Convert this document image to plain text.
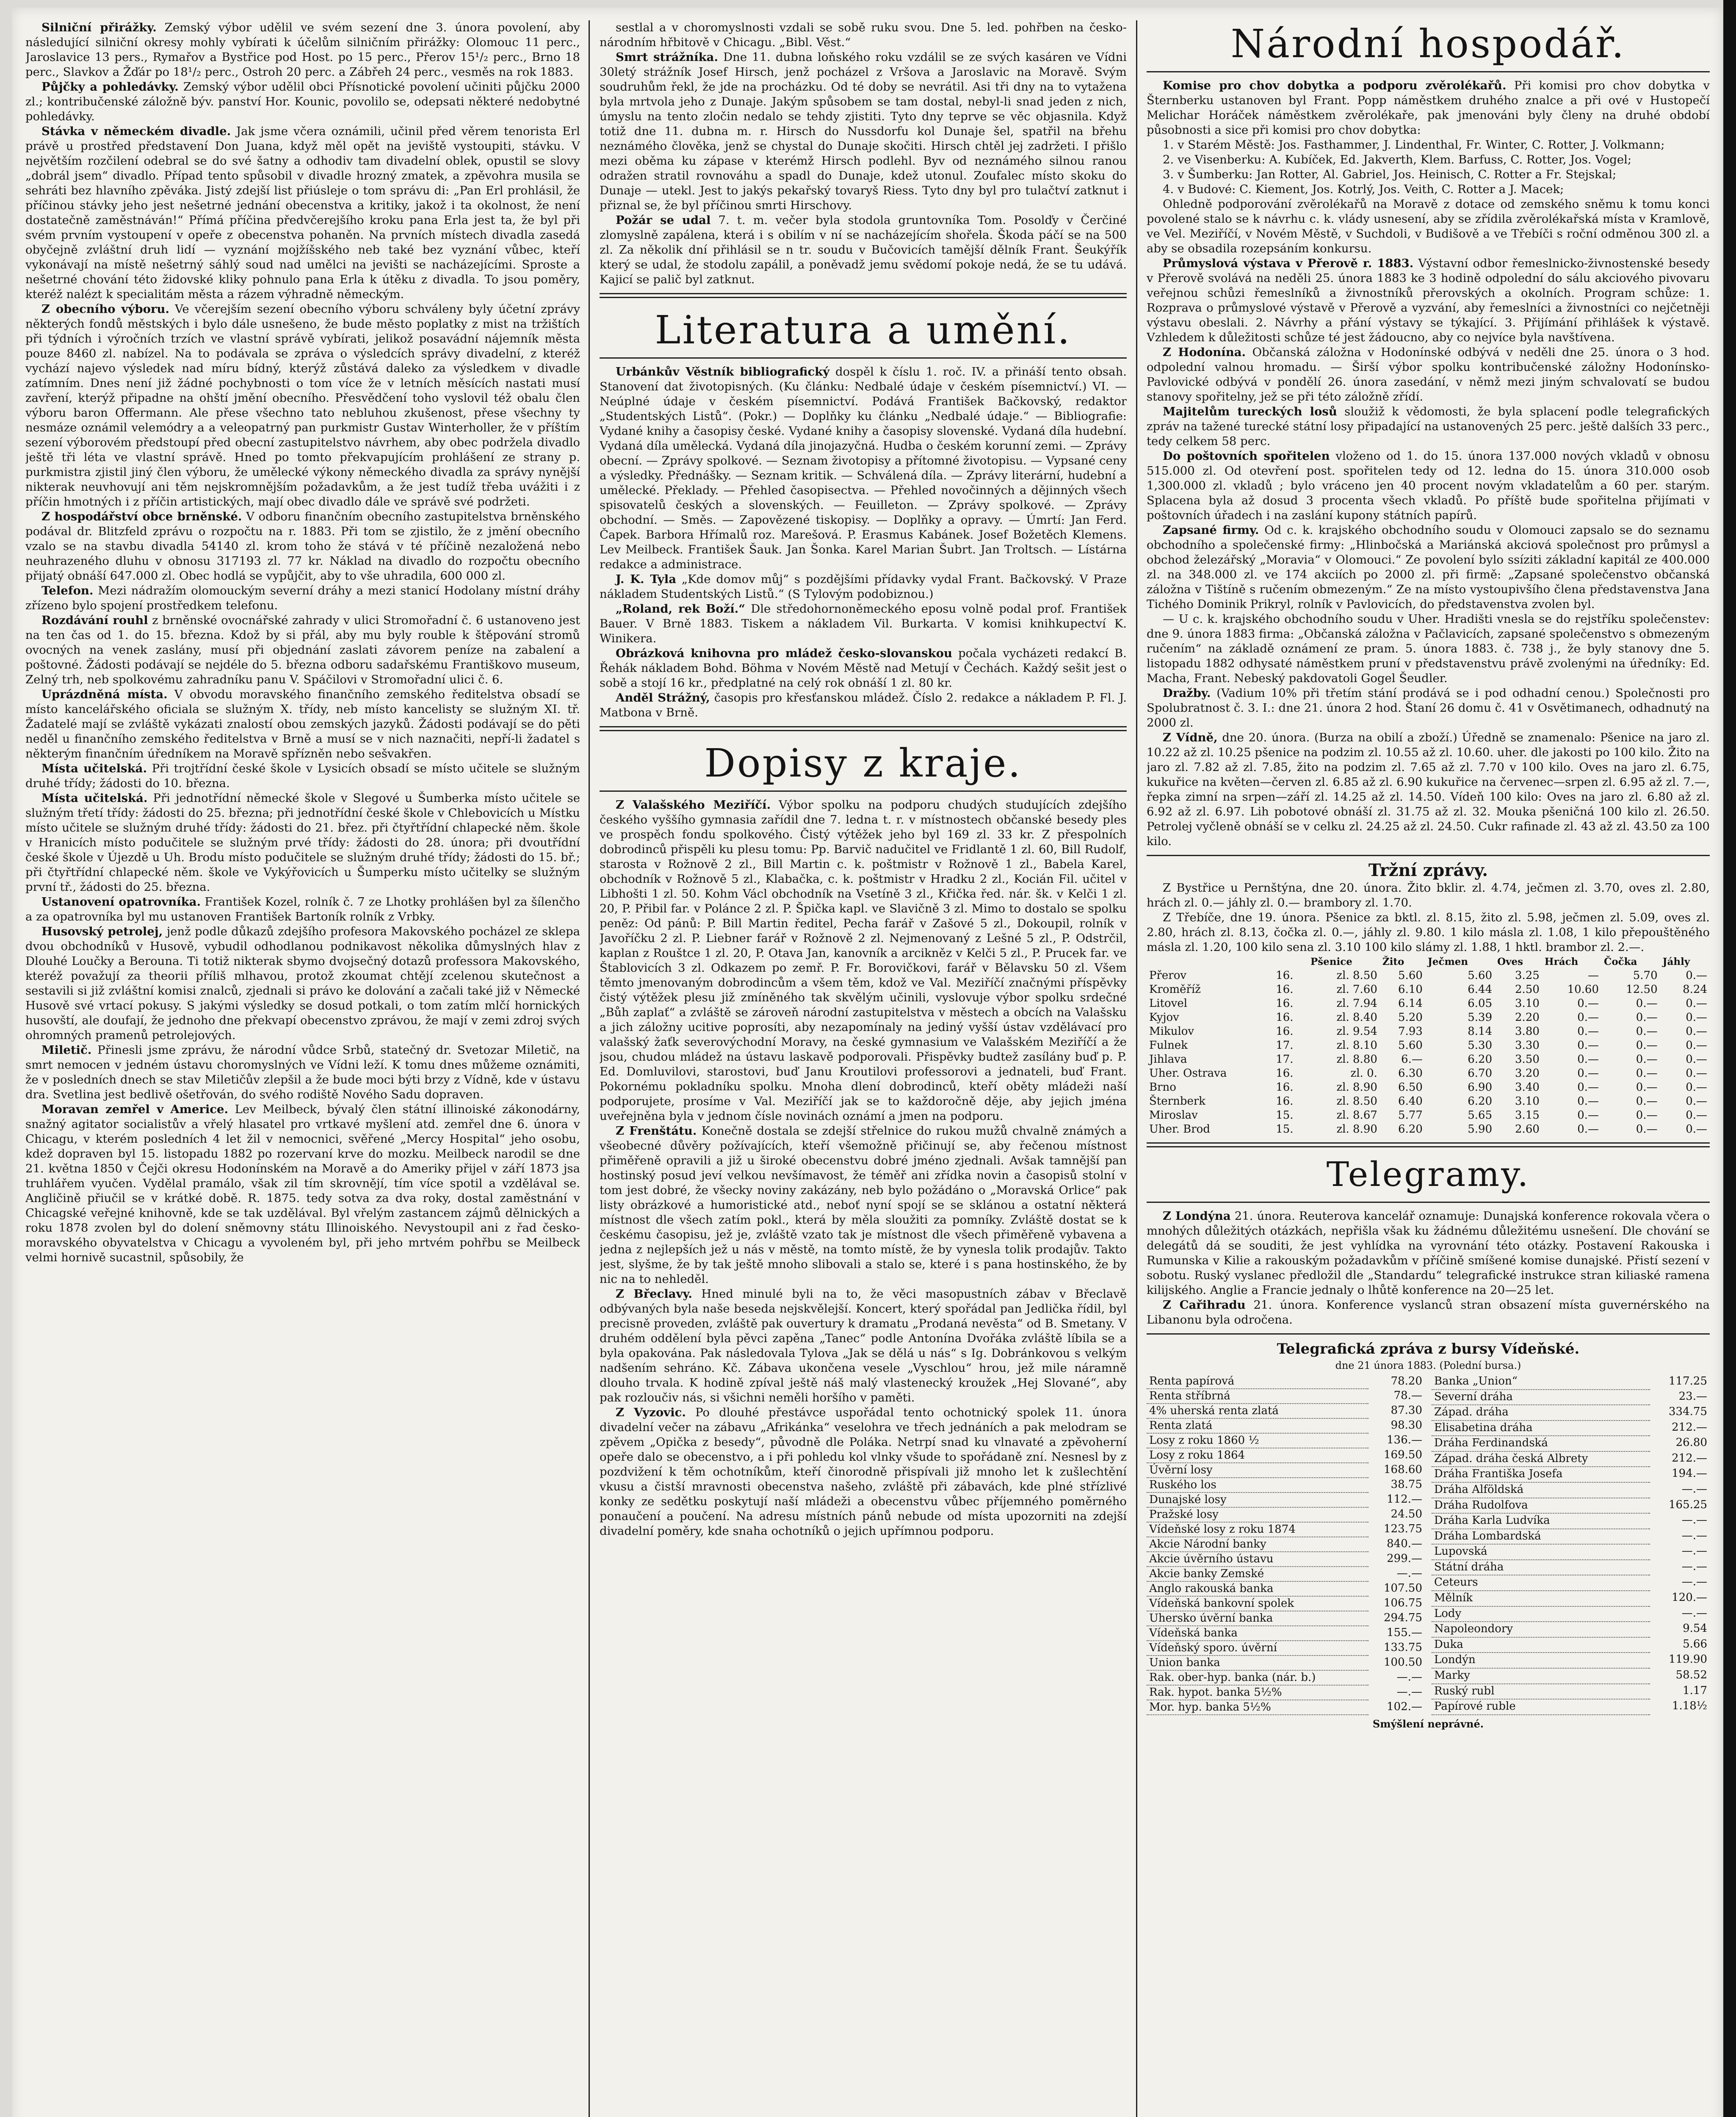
Silniční přirážky. Zemský výbor udělil ve svém sezení dne 3. února povolení, aby následující silniční okresy mohly vybírati k účelům silničním přirážky: Olomouc 11 perc., Jaroslavice 13 pers., Rymařov a Bystřice pod Host. po 15 perc., Přerov 15¹/₂ perc., Brno 18 perc., Slavkov a Žďár po 18¹/₂ perc., Ostroh 20 perc. a Zábřeh 24 perc., vesměs na rok 1883.

Půjčky a pohledávky. Zemský výbor udělil obci Přísnotické povolení učiniti půjčku 2000 zl.; kontribučenské záložně býv. panství Hor. Kounic, povolilo se, odepsati některé nedobytné pohledávky.

Stávka v německém divadle. Jak jsme včera oznámili, učinil před věrem tenorista Erl právě u prostřed představení Don Juana, když měl opět na jeviště vystoupiti, stávku. V největším rozčilení odebral se do své šatny a odhodiv tam divadelní oblek, opustil se slovy „dobrál jsem“ divadlo. Případ tento spůsobil v divadle hrozný zmatek, a zpěvohra musila se sehráti bez hlavního zpěváka. Jistý zdejší list přiúsleje o tom správu di: „Pan Erl prohlásil, že příčinou stávky jeho jest nešetrné jednání obecenstva a kritiky, jakož i ta okolnost, že není dostatečně zaměstnáván!“ Přímá příčina předvčerejšího kroku pana Erla jest ta, že byl při svém prvním vystoupení v opeře z obecenstva pohaněn. Na prvních místech divadla zasedá obyčejně zvláštní druh lidí — vyznání mojžíšského neb také bez vyznání vůbec, kteří vykonávají na místě nešetrný sáhlý soud nad umělci na jevišti se nacházejícími. Sproste a nešetrné chování této židovské kliky pohnulo pana Erla k útěku z divadla. To jsou poměry, kteréž nalézt k specialitám města a rázem výhradně německým.

Z obecního výboru. Ve včerejším sezení obecního výboru schváleny byly účetní zprávy některých fondů městských i bylo dále usnešeno, že bude město poplatky z mist na tržištích při týdních i výročních trzích ve vlastní správě vybírati, jelikož posavádní nájemník města pouze 8460 zl. nabízel. Na to podávala se zpráva o výsledcích správy divadelní, z kteréž vychází najevo výsledek nad míru bídný, kterýž zůstává daleko za výsledkem v divadle zatímním. Dnes není již žádné pochybnosti o tom více že v letních měsících nastati musí zavření, kterýž připadne na ohští jmění obecního. Přesvědčení toho vyslovil též obalu člen výboru baron Offermann. Ale přese všechno tato nebluhou zkušenost, přese všechny ty nesmáze oznámil velemódry a a veleopatrný pan purkmistr Gustav Winterholler, že v příštím sezení výborovém předstoupí před obecní zastupitelstvo návrhem, aby obec podržela divadlo ještě tři léta ve vlastní správě. Hned po tomto překvapujícím prohlášení ze strany p. purkmistra zjistil jiný člen výboru, že umělecké výkony německého divadla za správy nynější nikterak neuvhovují ani těm nejskromnějším požadavkům, a že jest tudíž třeba uvážiti i z příčin hmotných i z příčin artistických, mají obec divadlo dále ve správě své podržeti.

Z hospodářství obce brněnské. V odboru finančním obecního zastupitelstva brněnského podával dr. Blitzfeld zprávu o rozpočtu na r. 1883. Při tom se zjistilo, že z jmění obecního vzalo se na stavbu divadla 54140 zl. krom toho že stává v té příčině nezaložená nebo neuhrazeného dluhu v obnosu 317193 zl. 77 kr. Náklad na divadlo do rozpočtu obecního přijatý obnáší 647.000 zl. Obec hodlá se vypůjčit, aby to vše uhradila, 600 000 zl.

Telefon. Mezi nádražím olomouckým severní dráhy a mezi stanicí Hodolany místní dráhy zřízeno bylo spojení prostředkem telefonu.

Rozdávání rouhl z brněnské ovocnářské zahrady v ulici Stromořadní č. 6 ustanoveno jest na ten čas od 1. do 15. března. Kdož by si přál, aby mu byly rouble k štěpování stromů ovocných na venek zaslány, musí při objednání zaslati závorem peníze na zabalení a poštovné. Žádosti podávají se nejdéle do 5. března odboru sadařskému Františkovo museum, Zelný trh, neb spolkovému zahradníku panu V. Spáčilovi v Stromořadní ulici č. 6.

Uprázdněná místa. V obvodu moravského finančního zemského ředitelstva obsadí se místo kancelářského oficiala se služným X. třídy, neb místo kancelisty se služným XI. tř. Žadatelé mají se zvláště vykázati znalostí obou zemských jazyků. Žádosti podávají se do pěti neděl u finančního zemského ředitelstva v Brně a musí se v nich naznačiti, nepří-li žadatel s některým finančním úředníkem na Moravě spřízněn nebo sešvakřen.

Místa učitelská. Při trojtřídní české škole v Lysicích obsadí se místo učitele se služným druhé třídy; žádosti do 10. března.

Místa učitelská. Při jednotřídní německé škole v Slegové u Šumberka místo učitele se služným třetí třídy: žádosti do 25. března; při jednotřídní české škole v Chlebovicích u Místku místo učitele se služným druhé třídy: žádosti do 21. břez. při čtyřtřídní chlapecké něm. škole v Hranicích místo podučitele se služným prvé třídy: žádosti do 28. února; při dvoutřídní české škole v Újezdě u Uh. Brodu místo podučitele se služným druhé třídy; žádosti do 15. bř.; při čtyřtřídní chlapecké něm. škole ve Vykýřovicích u Šumperku místo učitelky se služným první tř., žádosti do 25. března.

Ustanovení opatrovníka. František Kozel, rolník č. 7 ze Lhotky prohlášen byl za šílenčho a za opatrovníka byl mu ustanoven František Bartoník rolník z Vrbky.

Husovský petrolej, jenž podle důkazů zdejšího profesora Makovského pocházel ze sklepa dvou obchodníků v Husově, vybudil odhodlanou podnikavost několika důmyslných hlav z Dlouhé Loučky a Berouna. Ti totiž nikterak sbymo dvojsečný dotazů professora Makovského, kteréž považují za theorii příliš mlhavou, protož zkoumat chtějí zcelenou skutečnost a sestavili si již zvláštní komisi znalců, zjednali si právo ke dolování a začali také již v Německé Husově své vrtací pokusy. S jakými výsledky se dosud potkali, o tom zatím mlčí hornických husovští, ale doufají, že jednoho dne překvapí obecenstvo zprávou, že mají v zemi zdroj svých ohromných pramenů petrolejových.

Miletič. Přinesli jsme zprávu, že národní vůdce Srbů, statečný dr. Svetozar Miletič, na smrt nemocen v jedném ústavu choromyslných ve Vídni leží. K tomu dnes můžeme oznámiti, že v posledních dnech se stav Miletičův zlepšil a že bude moci býti brzy z Vídně, kde v ústavu dra. Svetlina jest bedlivě ošetřován, do svého rodiště Nového Sadu dopraven.

Moravan zemřel v Americe. Lev Meilbeck, bývalý člen státní illinoiské zákonodárny, snažný agitator socialistův a vřelý hlasatel pro vrtkavé myšlení atd. zemřel dne 6. února v Chicagu, v kterém posledních 4 let žil v nemocnici, svěřené „Mercy Hospital“ jeho osobu, kdež dopraven byl 15. listopadu 1882 po rozervaní krve do mozku. Meilbeck narodil se dne 21. května 1850 v Čejči okresu Hodonínském na Moravě a do Ameriky přijel v září 1873 jsa truhlářem vyučen. Vydělal pramálo, však zil tím skrovnějí, tím více spotil a vzdělával se. Angličině přiučil se v krátké době. R. 1875. tedy sotva za dva roky, dostal zaměstnání v Chicagské veřejné knihovně, kde se tak uzdělával. Byl vřelým zastancem zájmů dělnických a roku 1878 zvolen byl do dolení sněmovny státu Illinoiského. Nevystoupil ani z řad česko-moravského obyvatelstva v Chicagu a vyvoleném byl, při jeho mrtvém pohřbu se Meilbeck velmi hornivě sucastnil, spůsobily, že

sestlal a v choromyslnosti vzdali se sobě ruku svou. Dne 5. led. pohřben na česko-národním hřbitově v Chicagu. „Bibl. Věst.“

Smrt strážníka. Dne 11. dubna loňského roku vzdálil se ze svých kasáren ve Vídni 30letý strážník Josef Hirsch, jenž pocházel z Vršova a Jaroslavic na Moravě. Svým soudruhům řekl, že jde na procházku. Od té doby se nevrátil. Asi tři dny na to vytažena byla mrtvola jeho z Dunaje. Jakým spůsobem se tam dostal, nebyl-li snad jeden z nich, úmyslu na tento zločin nedalo se tehdy zjistiti. Tyto dny teprve se věc objasnila. Když totiž dne 11. dubna m. r. Hirsch do Nussdorfu kol Dunaje šel, spatřil na břehu neznámého člověka, jenž se chystal do Dunaje skočiti. Hirsch chtěl jej zadržeti. I přišlo mezi oběma ku zápase v kterémž Hirsch podlehl. Byv od neznámého silnou ranou odražen stratil rovnováhu a spadl do Dunaje, kdež utonul. Zoufalec místo skoku do Dunaje — utekl. Jest to jakýs pekařský tovaryš Riess. Tyto dny byl pro tulačtví zatknut i přiznal se, že byl příčinou smrti Hirschovy.

Požár se udal 7. t. m. večer byla stodola gruntovníka Tom. Posolďy v Čerčiné zlomyslně zapálena, která i s obilím v ní se nacházejícím shořela. Škoda páčí se na 500 zl. Za několik dní přihlásil se n tr. soudu v Bučovicích tamější dělník Frant. Šeukýřík který se udal, že stodolu zapálil, a poněvadž jemu svědomí pokoje nedá, že se tu udává. Kajicí se palič byl zatknut.

Literatura a umění.

Urbánkův Věstník bibliografický dospěl k číslu 1. roč. IV. a přináší tento obsah. Stanovení dat životopisných. (Ku článku: Nedbalé údaje v českém písemnictví.) VI. — Neúplné údaje v českém písemnictví. Podává František Bačkovský, redaktor „Studentských Listů“. (Pokr.) — Doplňky ku článku „Nedbalé údaje.“ — Bibliografie: Vydané knihy a časopisy české. Vydané knihy a časopisy slovenské. Vydaná díla hudební. Vydaná díla umělecká. Vydaná díla jinojazyčná. Hudba o českém korunní zemi. — Zprávy obecní. — Zprávy spolkové. — Seznam životopisy a přítomné životopisu. — Vypsané ceny a výsledky. Přednášky. — Seznam kritik. — Schválená díla. — Zprávy literární, hudební a umělecké. Překlady. — Přehled časopisectva. — Přehled novočinných a dějinných všech spisovatelů českých a slovenských. — Feuilleton. — Zprávy spolkové. — Zprávy obchodní. — Směs. — Zapovězené tiskopisy. — Doplňky a opravy. — Úmrtí: Jan Ferd. Čapek. Barbora Hřímalů roz. Marešová. P. Erasmus Kabánek. Josef Božetěch Klemens. Lev Meilbeck. František Šauk. Jan Šonka. Karel Marian Šubrt. Jan Troltsch. — Lístárna redakce a administrace.

J. K. Tyla „Kde domov můj“ s pozdějšími přídavky vydal Frant. Bačkovský. V Praze nákladem Studentských Listů.“ (S Tylovým podobiznou.)

„Roland, rek Boží.“ Dle středohornoněmeckého eposu volně podal prof. František Bauer. V Brně 1883. Tiskem a nákladem Vil. Burkarta. V komisi knihkupectví K. Winikera.

Obrázková knihovna pro mládež česko-slovanskou počala vycházeti redakcí B. Řehák nákladem Bohd. Böhma v Novém Městě nad Metují v Čechách. Každý sešit jest o sobě a stojí 16 kr., předplatné na celý rok obnáší 1 zl. 80 kr.

Anděl Strážný, časopis pro křesťanskou mládež. Číslo 2. redakce a nákladem P. Fl. J. Matbona v Brně.

Dopisy z kraje.

Z Valašského Meziříčí. Výbor spolku na podporu chudých studujících zdejšího českého vyššího gymnasia zařídil dne 7. ledna t. r. v místnostech občanské besedy ples ve prospěch fondu spolkového. Čistý výtěžek jeho byl 169 zl. 33 kr. Z přespolních dobrodinců přispěli ku plesu tomu: Pp. Barvič nadučitel ve Fridlantě 1 zl. 60, Bill Rudolf, starosta v Rožnově 2 zl., Bill Martin c. k. poštmistr v Rožnově 1 zl., Babela Karel, obchodník v Rožnově 5 zl., Klabačka, c. k. poštmistr v Hradku 2 zl., Kocián Fil. učitel v Libhošti 1 zl. 50. Kohm Václ obchodník na Vsetíně 3 zl., Křička řed. nár. šk. v Kelči 1 zl. 20, P. Přibil far. v Polánce 2 zl. P. Špička kapl. ve Slavičně 3 zl. Mimo to dostalo se spolku peněz: Od pánů: P. Bill Martin ředitel, Pecha farář v Zašové 5 zl., Dokoupil, rolník v Javoříčku 2 zl. P. Liebner farář v Rožnově 2 zl. Nejmenovaný z Lešné 5 zl., P. Odstrčil, kaplan z Rouštce 1 zl. 20, P. Otava Jan, kanovník a arcikněz v Kelči 5 zl., P. Prucek far. ve Štablovicích 3 zl. Odkazem po zemř. P. Fr. Borovičkovi, farář v Bělavsku 50 zl. Všem těmto jmenovaným dobrodincům a všem těm, kdož ve Val. Meziříčí značnými příspěvky čistý výtěžek plesu již zmíněného tak skvělým učinili, vyslovuje výbor spolku srdečné „Bůh zaplať“ a zvláště se zároveň národní zastupitelstva v městech a obcích na Valašsku a jich záložny ucitive poprosíti, aby nezapomínaly na jediný vyšší ústav vzdělávací pro valašský žaťk severovýchodní Moravy, na české gymnasium ve Valašském Meziříčí a že jsou, chudou mládež na ústavu laskavě podporovali. Přispěvky budtež zasílány buď p. P. Ed. Domluvilovi, starostovi, buď Janu Kroutilovi professorovi a jednateli, buď Frant. Pokornému pokladníku spolku. Mnoha dlení dobrodinců, kteří oběty mládeži naší podporujete, prosíme v Val. Meziříčí jak se to každoročně děje, aby jejich jména uveřejněna byla v jednom čísle novinách oznámí a jmen na podporu.

Z Frenštátu. Konečně dostala se zdejší střelnice do rukou mužů chvalně známých a všeobecné důvěry požívajících, kteří všemožně přičinují se, aby řečenou místnost přiměřeně opravili a již u široké obecenstvu dobré jméno zjednali. Avšak tamnější pan hostinský posud jeví velkou nevšímavost, že téměř ani zřídka novin a časopisů stolní v tom jest dobré, že všecky noviny zakázány, neb bylo požádáno o „Moravská Orlice“ pak listy obrázkové a humoristické atd., neboť nyní spojí se se sklánou a ostatní některá místnost dle všech zatím pokl., která by měla sloužiti za pomníky. Zvláště dostat se k českému časopisu, jež je, zvláště vzato tak je místnost dle všech přiměřeně vybavena a jedna z nejlepších jež u nás v městě, na tomto místě, že by vynesla tolik prodajův. Takto jest, slyšme, že by tak ještě mnoho slibovali a stalo se, které i s pana hostinského, že by nic na to nehleděl.

Z Břeclavy. Hned minulé byli na to, že věci masopustních zábav v Břeclavě odbývaných byla naše beseda nejskvělejší. Koncert, který spořádal pan Jedlička řídil, byl precisně proveden, zvláště pak ouvertury k dramatu „Prodaná nevěsta“ od B. Smetany. V druhém oddělení byla pěvci zapěna „Tanec“ podle Antonína Dvořáka zvláště líbila se a byla opakována. Pak následovala Tylova „Jak se dělá u nás“ s Ig. Dobránkovou s velkým nadšením sehráno. Kč. Zábava ukončena vesele „Vyschlou“ hrou, jež mile náramně dlouho trvala. K hodině zpíval ještě náš malý vlastenecký kroužek „Hej Slované“, aby pak rozloučiv nás, si všichni neměli horšího v paměti.

Z Vyzovic. Po dlouhé přestávce uspořádal tento ochotnický spolek 11. února divadelní večer na zábavu „Afrikánka“ veselohra ve třech jednáních a pak melodram se zpěvem „Opička z besedy“, původně dle Poláka. Netrpí snad ku vlnavaté a zpěvoherní opeře dalo se obecenstvo, a i při pohledu kol vlnky všude to spořádaně zní. Nesnesl by z pozdvižení k těm ochotníkům, kteří činorodně přispívali již mnoho let k zušlechtění vkusu a čistší mravnosti obecenstva našeho, zvláště při zábavách, kde plné střízlivé konky ze sedětku poskytují naší mládeži a obecenstvu vůbec příjemného poměrného ponaučení a poučení. Na adresu místních pánů nebude od místa upozorniti na zdejší divadelní poměry, kde snaha ochotníků o jejich upřímnou podporu.

Národní hospodář.

Komise pro chov dobytka a podporu zvěrolékařů. Při komisi pro chov dobytka v Šternberku ustanoven byl Frant. Popp náměstkem druhého znalce a při ové v Hustopečí Melichar Horáček náměstkem zvěrolékaře, pak jmenováni byly členy na druhé období působnosti a sice při komisi pro chov dobytka:

1. v Starém Městě: Jos. Fasthammer, J. Lindenthal, Fr. Winter, C. Rotter, J. Volkmann;

2. ve Visenberku: A. Kubíček, Ed. Jakverth, Klem. Barfuss, C. Rotter, Jos. Vogel;

3. v Šumberku: Jan Rotter, Al. Gabriel, Jos. Heinisch, C. Rotter a Fr. Stejskal;

4. v Budové: C. Kiement, Jos. Kotrlý, Jos. Veith, C. Rotter a J. Macek;

Ohledně podporování zvěrolékařů na Moravě z dotace od zemského sněmu k tomu konci povolené stalo se k návrhu c. k. vlády usnesení, aby se zřídila zvěrolékařská místa v Kramlově, ve Vel. Meziříčí, v Novém Městě, v Suchdoli, v Budišově a ve Třebíči s roční odměnou 300 zl. a aby se obsadila rozepsáním konkursu.

Průmyslová výstava v Přerově r. 1883. Výstavní odbor řemeslnicko-živnostenské besedy v Přerově svolává na neděli 25. února 1883 ke 3 hodině odpolední do sálu akciového pivovaru veřejnou schůzi řemeslníků a živnostníků přerovských a okolních. Program schůze: 1. Rozprava o průmyslové výstavě v Přerově a vyzvání, aby řemeslníci a živnostníci co nejčetněji výstavu obeslali. 2. Návrhy a přání výstavy se týkající. 3. Přijímání přihlášek k výstavě. Vzhledem k důležitosti schůze té jest žádoucno, aby co nejvíce byla navštívena.

Z Hodonína. Občanská záložna v Hodonínské odbývá v neděli dne 25. února o 3 hod. odpolední valnou hromadu. — Širší výbor spolku kontribučenské záložny Hodonínsko-Pavlovické odbývá v pondělí 26. února zasedání, v němž mezi jiným schvalovatí se budou stanovy spořitelny, jež se při této záložně zřídí.

Majitelům tureckých losů sloužiž k vědomosti, že byla splacení podle telegrafických zpráv na tažené turecké státní losy připadající na ustanovených 25 perc. ještě dalších 33 perc., tedy celkem 58 perc.

Do poštovních spořitelen vloženo od 1. do 15. února 137.000 nových vkladů v obnosu 515.000 zl. Od otevření post. spořitelen tedy od 12. ledna do 15. února 310.000 osob 1,300.000 zl. vkladů ; bylo vráceno jen 40 procent novým vkladatelům a 60 per. starým. Splacena byla až dosud 3 procenta všech vkladů. Po příště bude spořitelna přijímati v poštovních úřadech i na zaslání kupony státních papírů.

Zapsané firmy. Od c. k. krajského obchodního soudu v Olomouci zapsalo se do seznamu obchodního a společenské firmy: „Hlinbočská a Mariánská akciová společnost pro průmysl a obchod železářský „Moravia“ v Olomouci.“ Ze povolení bylo ssíziti základní kapitál ze 400.000 zl. na 348.000 zl. ve 174 akciích po 2000 zl. při firmě: „Zapsané společenstvo občanská záložna v Tištíně s ručením obmezeným.“ Ze na místo vystoupivšího člena představenstva Jana Tichého Dominik Prikryl, rolník v Pavlovicích, do představenstva zvolen byl.

— U c. k. krajského obchodního soudu v Uher. Hradišti vnesla se do rejstříku společenstev: dne 9. února 1883 firma: „Občanská záložna v Pačlavicích, zapsané společenstvo s obmezeným ručením“ na základě oznámení ze pram. 5. února 1883. č. 738 j., že byly stanovy dne 5. listopadu 1882 odhysaté náměstkem pruní v představenstvu právě zvolenými na úředníky: Ed. Macha, Frant. Nebeský pakdovatoli Gogel Šeudler.

Dražby. (Vadium 10% při třetím stání prodává se i pod odhadní cenou.) Společnosti pro Spolubratnost č. 3. I.: dne 21. února 2 hod. Štaní 26 domu č. 41 v Osvětimanech, odhadnutý na 2000 zl.

Z Vídně, dne 20. února. (Burza na obilí a zboží.) Úředně se znamenalo: Pšenice na jaro zl. 10.22 až zl. 10.25 pšenice na podzim zl. 10.55 až zl. 10.60. uher. dle jakosti po 100 kilo. Žito na jaro zl. 7.82 až zl. 7.85, žito na podzim zl. 7.65 až zl. 7.70 v 100 kilo. Oves na jaro zl. 6.75, kukuřice na květen—červen zl. 6.85 až zl. 6.90 kukuřice na červenec—srpen zl. 6.95 až zl. 7.—, řepka zimní na srpen—září zl. 14.25 až zl. 14.50. Vídeň 100 kilo: Oves na jaro zl. 6.80 až zl. 6.92 až zl. 6.97. Lih pobotové obnáší zl. 31.75 až zl. 32. Mouka pšeničná 100 kilo zl. 26.50. Petrolej vyčleně obnáší se v celku zl. 24.25 až zl. 24.50. Cukr rafinade zl. 43 až zl. 43.50 za 100 kilo.

Tržní zprávy.

Z Bystřice u Pernštýna, dne 20. února. Žito bklir. zl. 4.74, ječmen zl. 3.70, oves zl. 2.80, hrách zl. 0.— jáhly zl. 0.— brambory zl. 1.70.

Z Třebíče, dne 19. února. Pšenice za bktl. zl. 8.15, žito zl. 5.98, ječmen zl. 5.09, oves zl. 2.80, hrách zl. 8.13, čočka zl. 0.—, jáhly zl. 9.80. 1 kilo másla zl. 1.08, 1 kilo přepouštěného másla zl. 1.20, 100 kilo sena zl. 3.10 100 kilo slámy zl. 1.88, 1 hktl. brambor zl. 2.—.

		Pšenice	Žito	Ječmen	Oves	Hrách	Čočka	Jáhly
Přerov	16.	zl. 8.50	5.60	5.60	3.25	—	5.70	0.—
Kroměříž	16.	zl. 7.60	6.10	6.44	2.50	10.60	12.50	8.24
Litovel	16.	zl. 7.94	6.14	6.05	3.10	0.—	0.—	0.—
Kyjov	16.	zl. 8.40	5.20	5.39	2.20	0.—	0.—	0.—
Mikulov	16.	zl. 9.54	7.93	8.14	3.80	0.—	0.—	0.—
Fulnek	17.	zl. 8.10	5.60	5.30	3.30	0.—	0.—	0.—
Jihlava	17.	zl. 8.80	6.—	6.20	3.50	0.—	0.—	0.—
Uher. Ostrava	16.	zl. 0.	6.30	6.70	3.20	0.—	0.—	0.—
Brno	16.	zl. 8.90	6.50	6.90	3.40	0.—	0.—	0.—
Šternberk	16.	zl. 8.50	6.40	6.20	3.10	0.—	0.—	0.—
Miroslav	15.	zl. 8.67	5.77	5.65	3.15	0.—	0.—	0.—
Uher. Brod	15.	zl. 8.90	6.20	5.90	2.60	0.—	0.—	0.—
Telegramy.

Z Londýna 21. února. Reuterova kancelář oznamuje: Dunajská konference rokovala včera o mnohých důležitých otázkách, nepřišla však ku žádnému důležitému usnešení. Dle chování se delegátů dá se souditi, že jest vyhlídka na vyrovnání této otázky. Postavení Rakouska i Rumunska v Kilie a rakouským požadavkům v příčině smíšené komise dunajské. Přistí sezení v sobotu. Ruský vyslanec předložil dle „Standardu“ telegrafické instrukce stran kiliaské ramena kilijského. Anglie a Francie jednaly o lhůtě konference na 20—25 let.

Z Cařihradu 21. února. Konference vyslanců stran obsazení místa guvernérského na Libanonu byla odročena.

Telegrafická zpráva z bursy Vídeňské.
dne 21 února 1883. (Polední bursa.)
Renta papírová	78.20
Renta stříbrná	78.—
4% uherská renta zlatá	87.30
Renta zlatá	98.30
Losy z roku 1860 ½	136.—
Losy z roku 1864	169.50
Úvěrní losy	168.60
Ruského los	38.75
Dunajské losy	112.—
Pražské losy	24.50
Vídeňské losy z roku 1874	123.75
Akcie Národní banky	840.—
Akcie úvěrního ústavu	299.—
Akcie banky Zemské	—.—
Anglo rakouská banka	107.50
Vídeňská bankovní spolek	106.75
Uhersko úvěrní banka	294.75
Vídeňská banka	155.—
Vídeňský sporo. úvěrní	133.75
Union banka	100.50
Rak. ober-hyp. banka (nár. b.)	—.—
Rak. hypot. banka 5½%	—.—
Mor. hyp. banka 5½%	102.—
Banka „Union“	117.25
Severní dráha	23.—
Západ. dráha	334.75
Elisabetina dráha	212.—
Dráha Ferdinandská	26.80
Západ. dráha česká Albrety	212.—
Dráha Františka Josefa	194.—
Dráha Alföldská	—.—
Dráha Rudolfova	165.25
Dráha Karla Ludvíka	—.—
Dráha Lombardská	—.—
Lupovská	—.—
Státní dráha	—.—
Ceteurs	—.—
Mělník	120.—
Lody	—.—
Napoleondory	9.54
Duka	5.66
Londýn	119.90
Marky	58.52
Ruský rubl	1.17
Papírové ruble	1.18½
Smýšlení neprávné.
